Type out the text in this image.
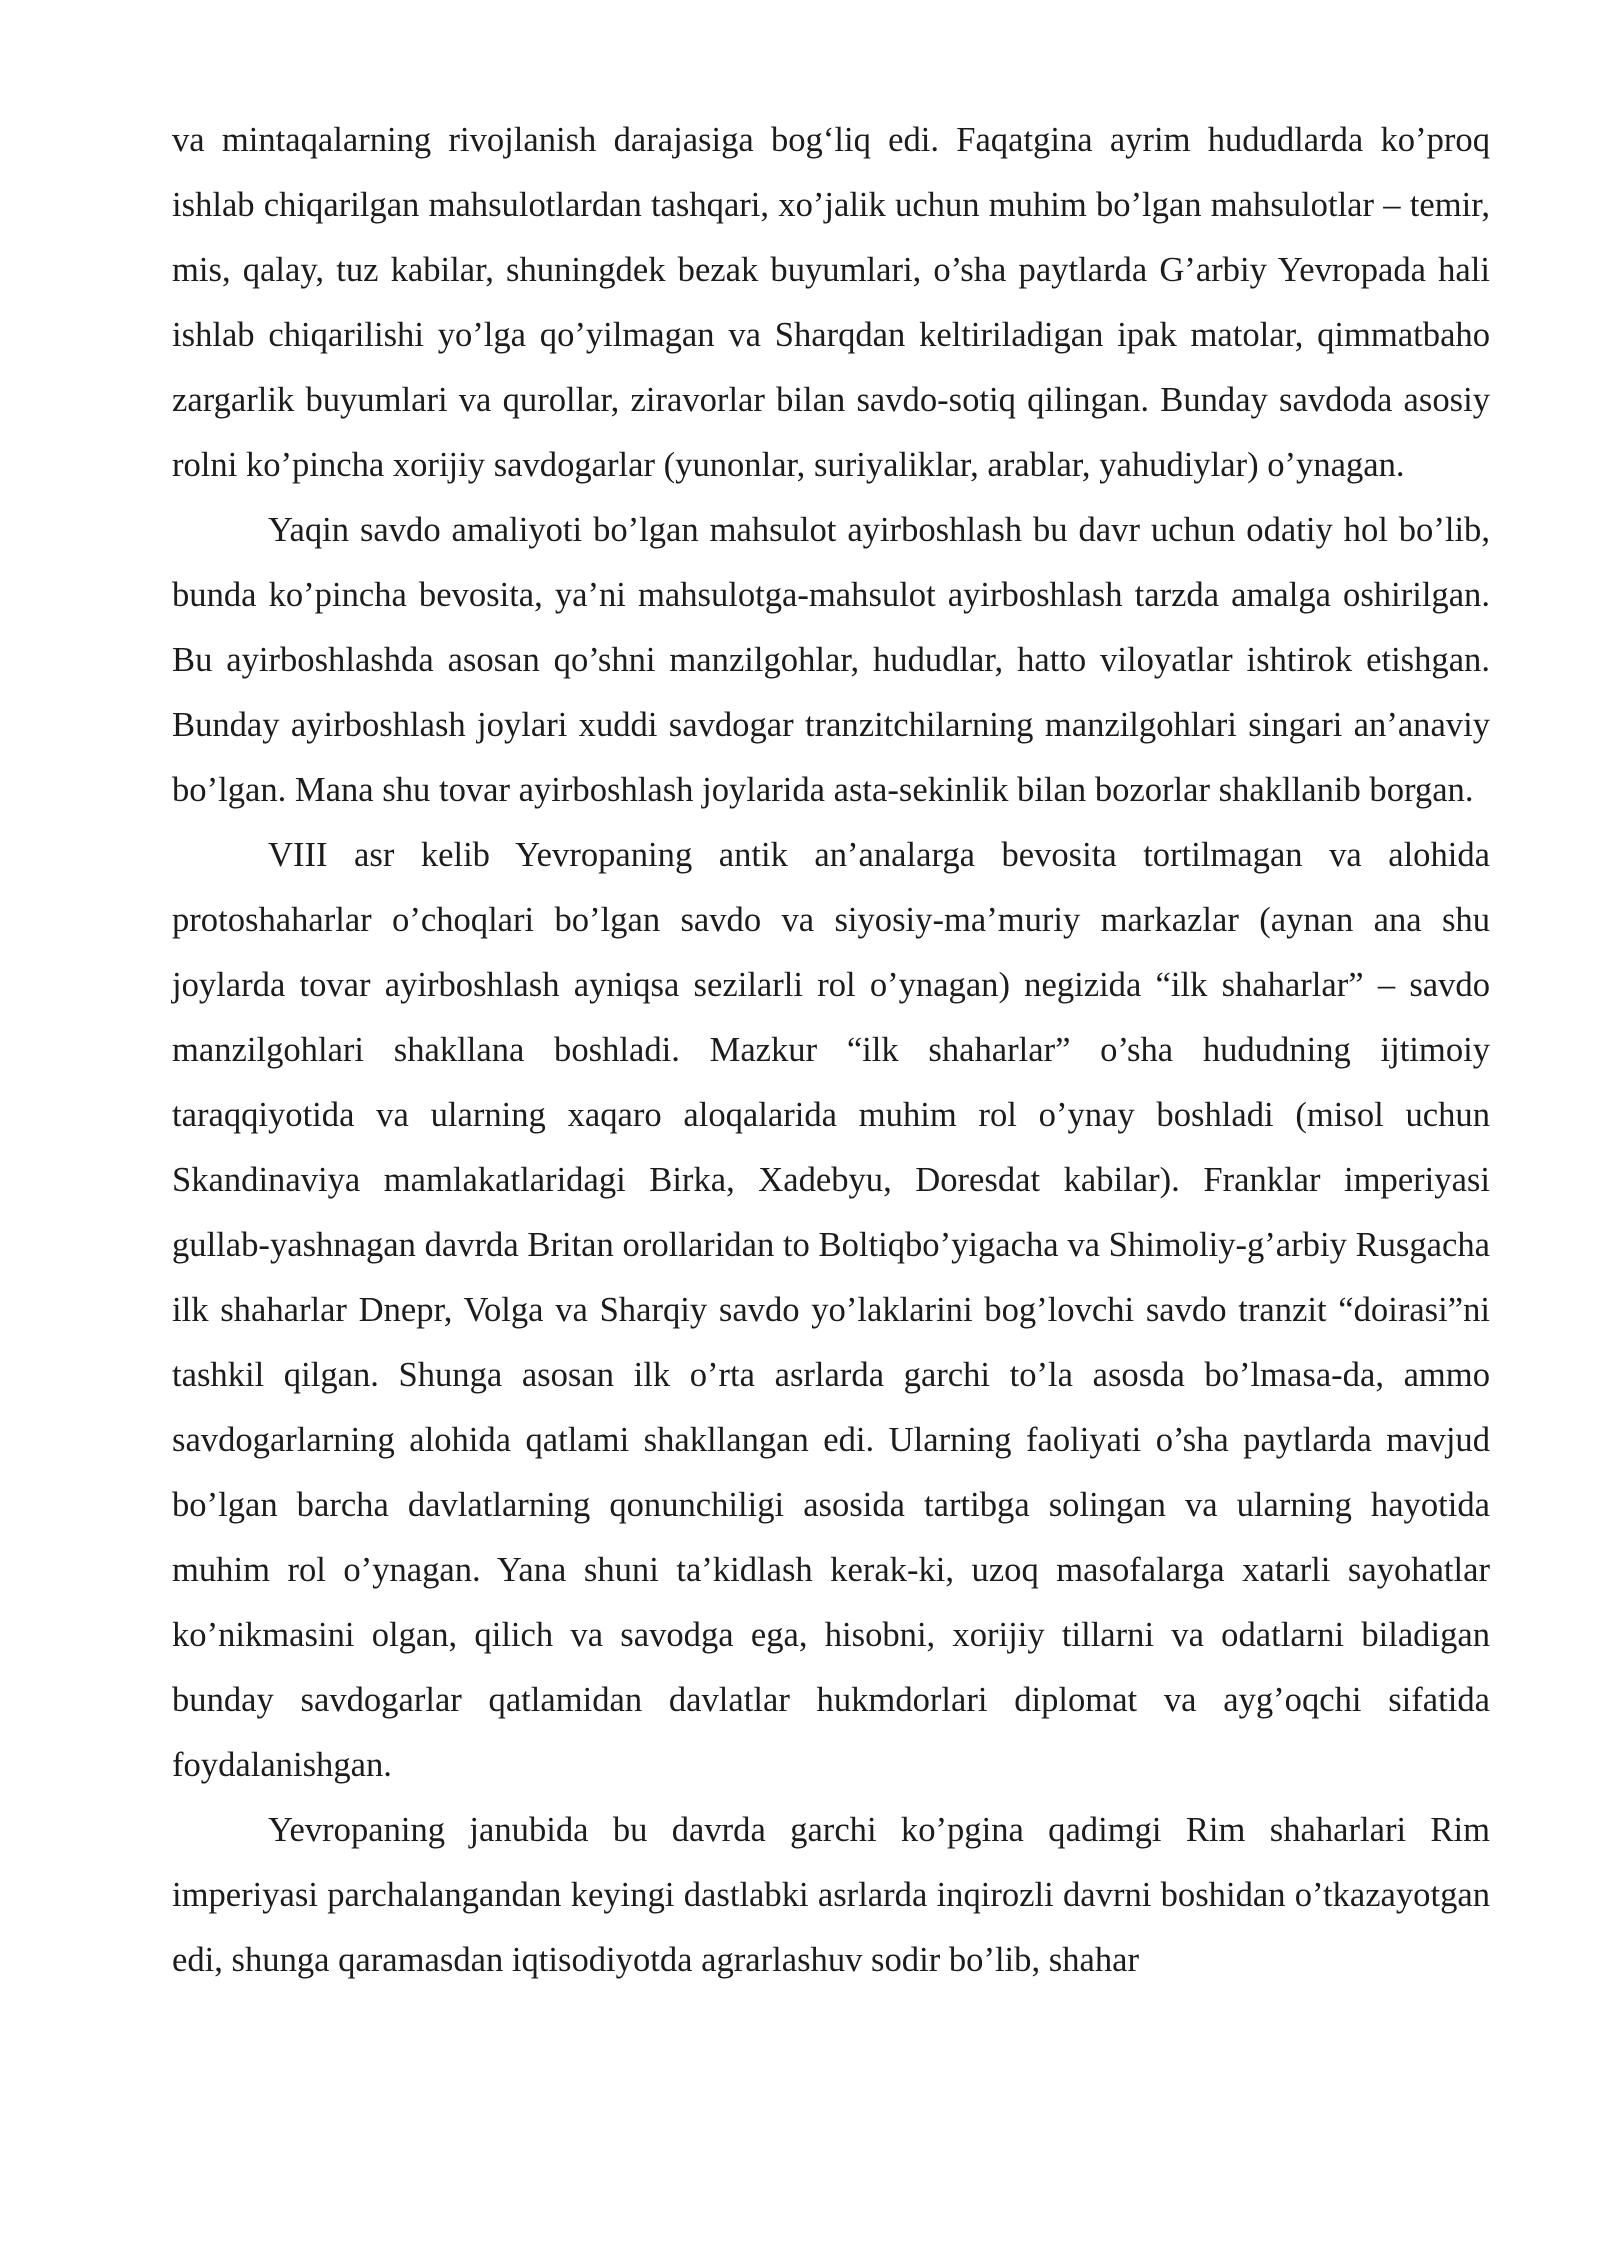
va mintaqalarning rivojlanish darajasiga bog‘liq edi. Faqatgina ayrim hududlarda ko’proq ishlab chiqarilgan mahsulotlardan tashqari, xo’jalik uchun muhim bo’lgan mahsulotlar – temir, mis, qalay, tuz kabilar, shuningdek bezak buyumlari, o’sha paytlarda G’arbiy Yevropada hali ishlab chiqarilishi yo’lga qo’yilmagan va Sharqdan keltiriladigan ipak matolar, qimmatbaho zargarlik buyumlari va qurollar, ziravorlar bilan savdo-sotiq qilingan. Bunday savdoda asosiy rolni ko’pincha xorijiy savdogarlar (yunonlar, suriyaliklar, arablar, yahudiylar) o’ynagan.

Yaqin savdo amaliyoti bo’lgan mahsulot ayirboshlash bu davr uchun odatiy hol bo’lib, bunda ko’pincha bevosita, ya’ni mahsulotga-mahsulot ayirboshlash tarzda amalga oshirilgan. Bu ayirboshlashda asosan qo’shni manzilgohlar, hududlar, hatto viloyatlar ishtirok etishgan. Bunday ayirboshlash joylari xuddi savdogar tranzitchilarning manzilgohlari singari an’anaviy bo’lgan. Mana shu tovar ayirboshlash joylarida asta-sekinlik bilan bozorlar shakllanib borgan.

VIII asr kelib Yevropaning antik an’analarga bevosita tortilmagan va alohida protoshaharlar o’choqlari bo’lgan savdo va siyosiy-ma’muriy markazlar (aynan ana shu joylarda tovar ayirboshlash ayniqsa sezilarli rol o’ynagan) negizida “ilk shaharlar” – savdo manzilgohlari shakllana boshladi. Mazkur “ilk shaharlar” o’sha hududning ijtimoiy taraqqiyotida va ularning xaqaro aloqalarida muhim rol o’ynay boshladi (misol uchun Skandinaviya mamlakatlaridagi Birka, Xadebyu, Doresdat kabilar). Franklar imperiyasi gullab-yashnagan davrda Britan orollaridan to Boltiqbo’yigacha va Shimoliy-g’arbiy Rusgacha ilk shaharlar Dnepr, Volga va Sharqiy savdo yo’laklarini bog’lovchi savdo tranzit “doirasi”ni tashkil qilgan. Shunga asosan ilk o’rta asrlarda garchi to’la asosda bo’lmasa-da, ammo savdogarlarning alohida qatlami shakllangan edi. Ularning faoliyati o’sha paytlarda mavjud bo’lgan barcha davlatlarning qonunchiligi asosida tartibga solingan va ularning hayotida muhim rol o’ynagan. Yana shuni ta’kidlash kerak-ki, uzoq masofalarga xatarli sayohatlar ko’nikmasini olgan, qilich va savodga ega, hisobni, xorijiy tillarni va odatlarni biladigan bunday savdogarlar qatlamidan davlatlar hukmdorlari diplomat va ayg’oqchi sifatida foydalanishgan.

Yevropaning janubida bu davrda garchi ko’pgina qadimgi Rim shaharlari Rim imperiyasi parchalangandan keyingi dastlabki asrlarda inqirozli davrni boshidan o’tkazayotgan edi, shunga qaramasdan iqtisodiyotda agrarlashuv sodir bo’lib, shahar
